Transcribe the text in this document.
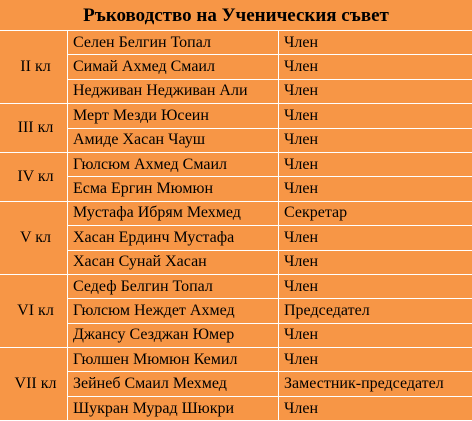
Ръководство на Ученическия съвет
II кл	Селен Белгин Топал	Член
	Симай Ахмед Смаил	Член
	Недживан Недживан Али	Член
III кл	Мерт Мезди Юсеин	Член
	Амиде Хасан Чауш	Член
IV кл	Гюлсюм Ахмед Смаил	Член
	Есма Ергин Мюмюн	Член
V кл	Мустафа Ибрям Мехмед	Секретар
	Хасан Ердинч Мустафа	Член
	Хасан Сунай Хасан	Член
VI кл	Седеф Белгин Топал	Член
	Гюлсюм Неждет Ахмед	Председател
	Джансу Сезджан Юмер	Член
VII кл	Гюлшен Мюмюн Кемил	Член
	Зейнеб Смаил Мехмед	Заместник-председател
	Шукран Мурад Шюкри	Член
